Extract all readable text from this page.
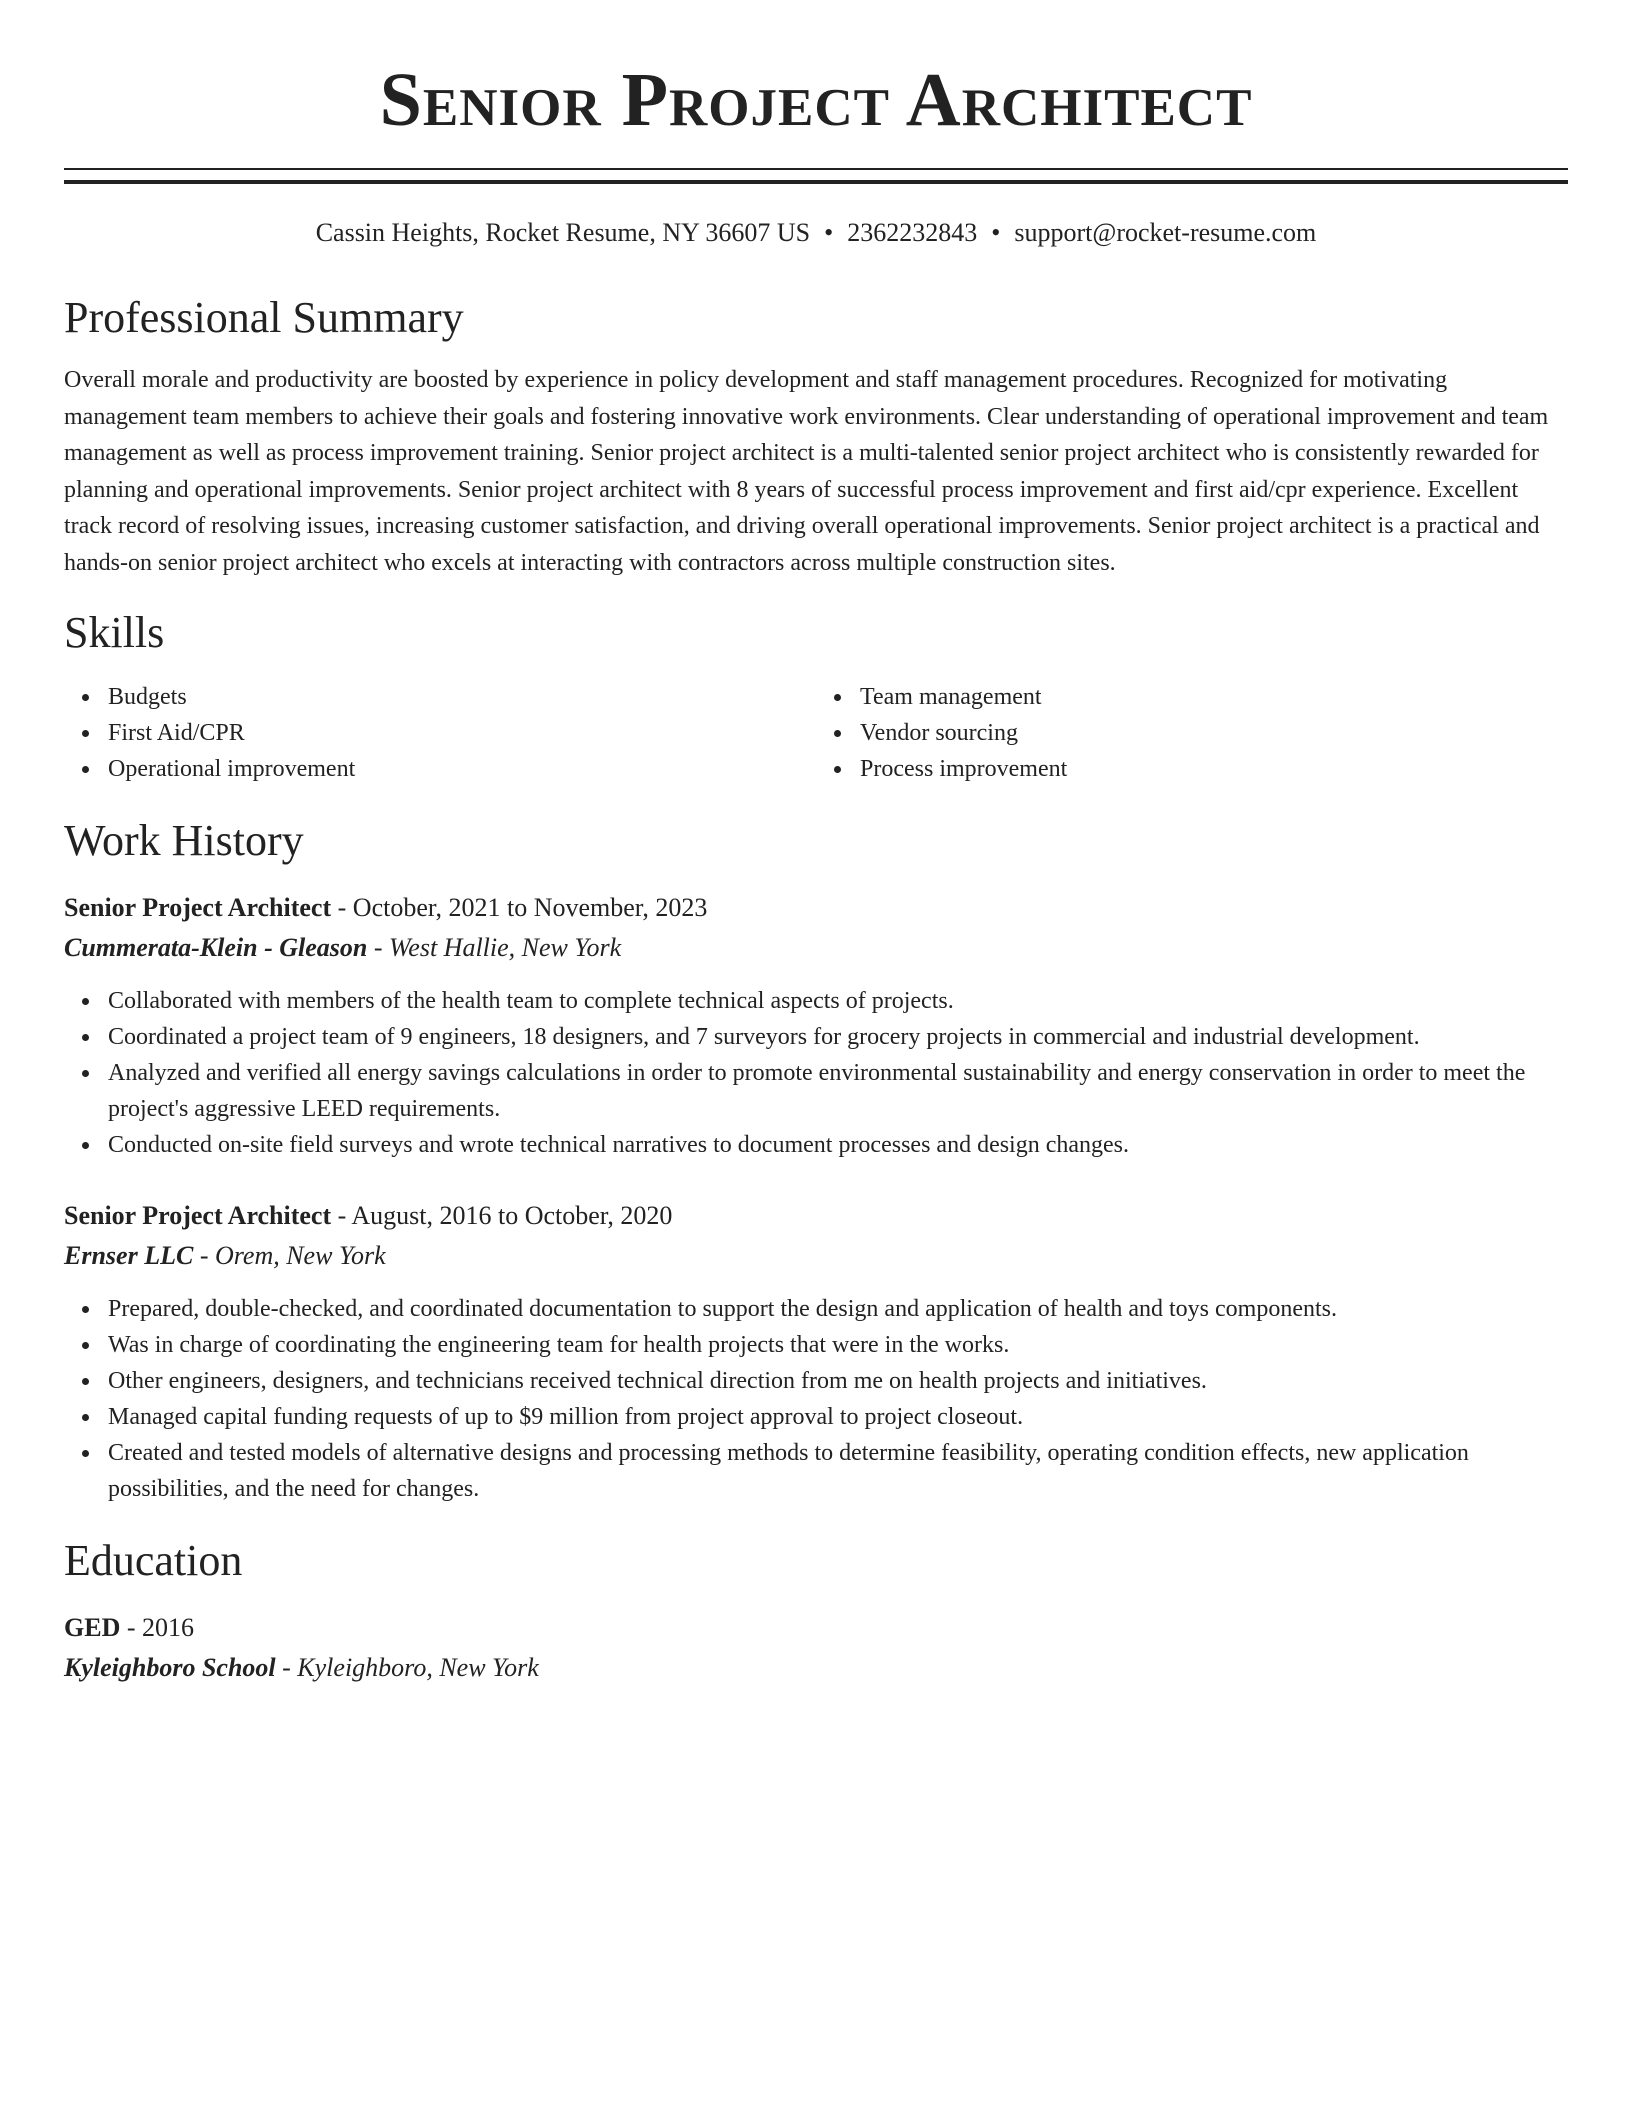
Senior Project Architect
Cassin Heights, Rocket Resume, NY 36607 US • 2362232843 • support@rocket-resume.com
Professional Summary
Overall morale and productivity are boosted by experience in policy development and staff management procedures. Recognized for motivating management team members to achieve their goals and fostering innovative work environments. Clear understanding of operational improvement and team management as well as process improvement training. Senior project architect is a multi-talented senior project architect who is consistently rewarded for planning and operational improvements. Senior project architect with 8 years of successful process improvement and first aid/cpr experience. Excellent track record of resolving issues, increasing customer satisfaction, and driving overall operational improvements. Senior project architect is a practical and hands-on senior project architect who excels at interacting with contractors across multiple construction sites.
Skills
Budgets
First Aid/CPR
Operational improvement
Team management
Vendor sourcing
Process improvement
Work History
Senior Project Architect - October, 2021 to November, 2023
Cummerata-Klein - Gleason - West Hallie, New York
Collaborated with members of the health team to complete technical aspects of projects.
Coordinated a project team of 9 engineers, 18 designers, and 7 surveyors for grocery projects in commercial and industrial development.
Analyzed and verified all energy savings calculations in order to promote environmental sustainability and energy conservation in order to meet the project's aggressive LEED requirements.
Conducted on-site field surveys and wrote technical narratives to document processes and design changes.
Senior Project Architect - August, 2016 to October, 2020
Ernser LLC - Orem, New York
Prepared, double-checked, and coordinated documentation to support the design and application of health and toys components.
Was in charge of coordinating the engineering team for health projects that were in the works.
Other engineers, designers, and technicians received technical direction from me on health projects and initiatives.
Managed capital funding requests of up to $9 million from project approval to project closeout.
Created and tested models of alternative designs and processing methods to determine feasibility, operating condition effects, new application possibilities, and the need for changes.
Education
GED - 2016
Kyleighboro School - Kyleighboro, New York
